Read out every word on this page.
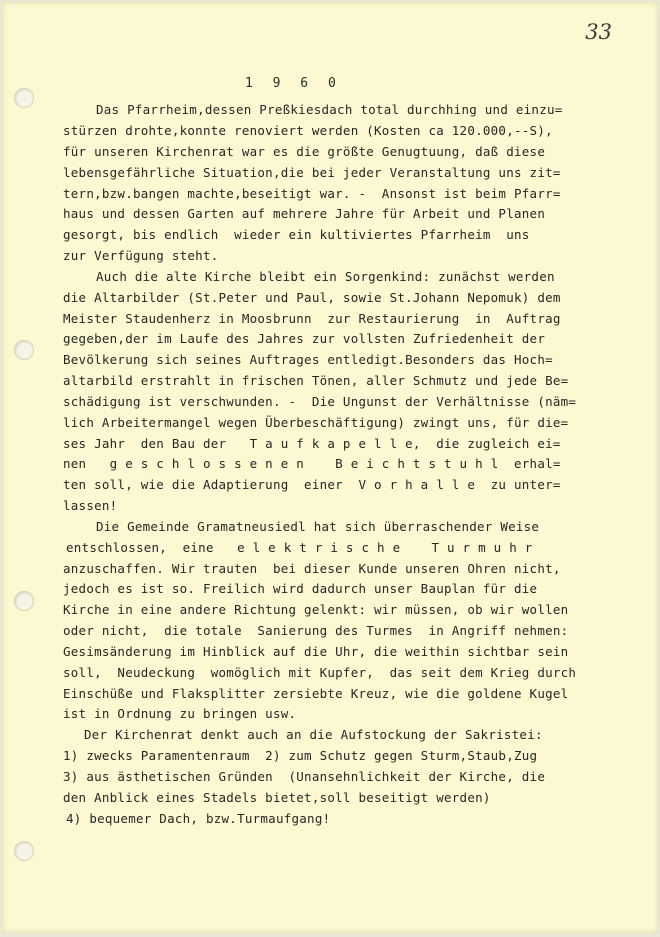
33
1 9 6 0
Das Pfarrheim,dessen Preßkiesdach total durchhing und einzu=
stürzen drohte,konnte renoviert werden (Kosten ca 120.000,--S),
für unseren Kirchenrat war es die größte Genugtuung, daß diese
lebensgefährliche Situation,die bei jeder Veranstaltung uns zit=
tern,bzw.bangen machte,beseitigt war. -  Ansonst ist beim Pfarr=
haus und dessen Garten auf mehrere Jahre für Arbeit und Planen
gesorgt, bis endlich  wieder ein kultiviertes Pfarrheim  uns
zur Verfügung steht.
Auch die alte Kirche bleibt ein Sorgenkind: zunächst werden
die Altarbilder (St.Peter und Paul, sowie St.Johann Nepomuk) dem
Meister Staudenherz in Moosbrunn  zur Restaurierung  in  Auftrag
gegeben,der im Laufe des Jahres zur vollsten Zufriedenheit der
Bevölkerung sich seines Auftrages entledigt.Besonders das Hoch=
altarbild erstrahlt in frischen Tönen, aller Schmutz und jede Be=
schädigung ist verschwunden. -  Die Ungunst der Verhältnisse (näm=
lich Arbeitermangel wegen Überbeschäftigung) zwingt uns, für die=
ses Jahr  den Bau der   T a u f k a p e l l e,  die zugleich ei=
nen   g e s c h l o s s e n e n    B e i c h t s t u h l  erhal=
ten soll, wie die Adaptierung  einer  V o r h a l l e  zu unter=
lassen!
Die Gemeinde Gramatneusiedl hat sich überraschender Weise
entschlossen,  eine   e l e k t r i s c h e    T u r m u h r
anzuschaffen. Wir trauten  bei dieser Kunde unseren Ohren nicht,
jedoch es ist so. Freilich wird dadurch unser Bauplan für die
Kirche in eine andere Richtung gelenkt: wir müssen, ob wir wollen
oder nicht,  die totale  Sanierung des Turmes  in Angriff nehmen:
Gesimsänderung im Hinblick auf die Uhr, die weithin sichtbar sein
soll,  Neudeckung  womöglich mit Kupfer,  das seit dem Krieg durch
Einschüße und Flaksplitter zersiebte Kreuz, wie die goldene Kugel
ist in Ordnung zu bringen usw.
Der Kirchenrat denkt auch an die Aufstockung der Sakristei:
1) zwecks Paramentenraum  2) zum Schutz gegen Sturm,Staub,Zug
3) aus ästhetischen Gründen  (Unansehnlichkeit der Kirche, die
den Anblick eines Stadels bietet,soll beseitigt werden)
4) bequemer Dach, bzw.Turmaufgang!
